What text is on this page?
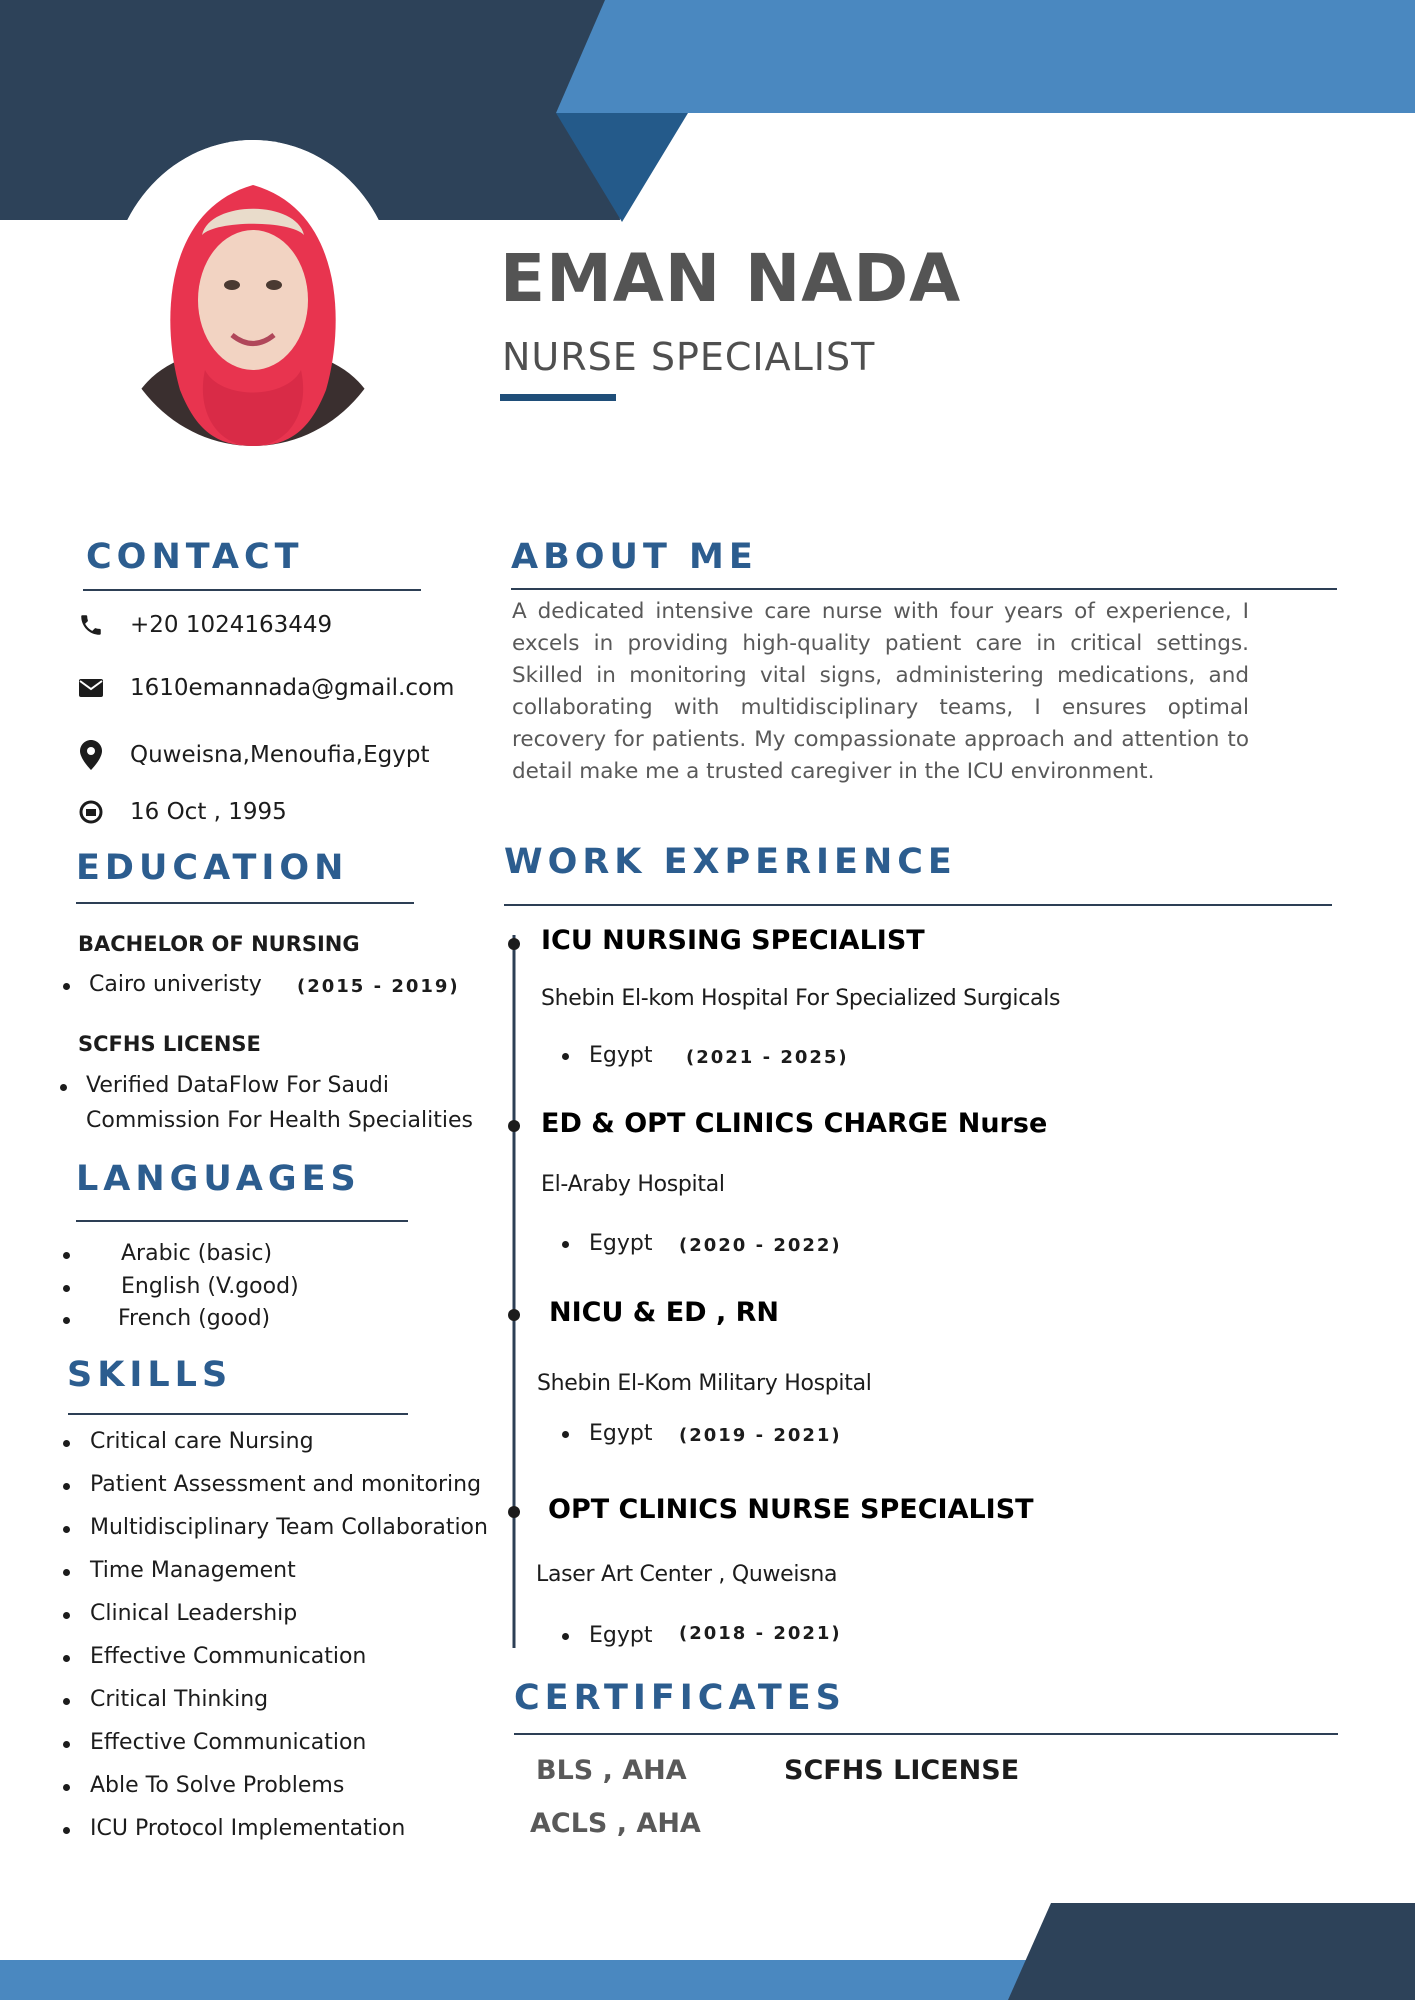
EMAN NADA
NURSE SPECIALIST
CONTACT
+20 1024163449
1610emannada@gmail.com
Quweisna,Menoufia,Egypt
16 Oct , 1995
EDUCATION
BACHELOR OF NURSING
Cairo univeristy (2015 - 2019)
SCFHS LICENSE
Verified DataFlow For Saudi
Commission For Health Specialities
LANGUAGES
Arabic (basic)
English (V.good)
French (good)
SKILLS
Critical care Nursing
Patient Assessment and monitoring
Multidisciplinary Team Collaboration
Time Management
Clinical Leadership
Effective Communication
Critical Thinking
Effective Communication
Able To Solve Problems
ICU Protocol Implementation
ABOUT ME
A dedicated intensive care nurse with four years of experience, I excels in providing high-quality patient care in critical settings. Skilled in monitoring vital signs, administering medications, and collaborating with multidisciplinary teams, I ensures optimal recovery for patients. My compassionate approach and attention to detail make me a trusted caregiver in the ICU environment.
WORK EXPERIENCE
ICU NURSING SPECIALIST
Shebin El-kom Hospital For Specialized Surgicals
Egypt (2021 - 2025)
ED & OPT CLINICS CHARGE Nurse
El-Araby Hospital
Egypt (2020 - 2022)
NICU & ED , RN
Shebin El-Kom Military Hospital
Egypt (2019 - 2021)
OPT CLINICS NURSE SPECIALIST
Laser Art Center , Quweisna
Egypt (2018 - 2021)
CERTIFICATES
BLS , AHA	SCFHS LICENSE
ACLS , AHA
